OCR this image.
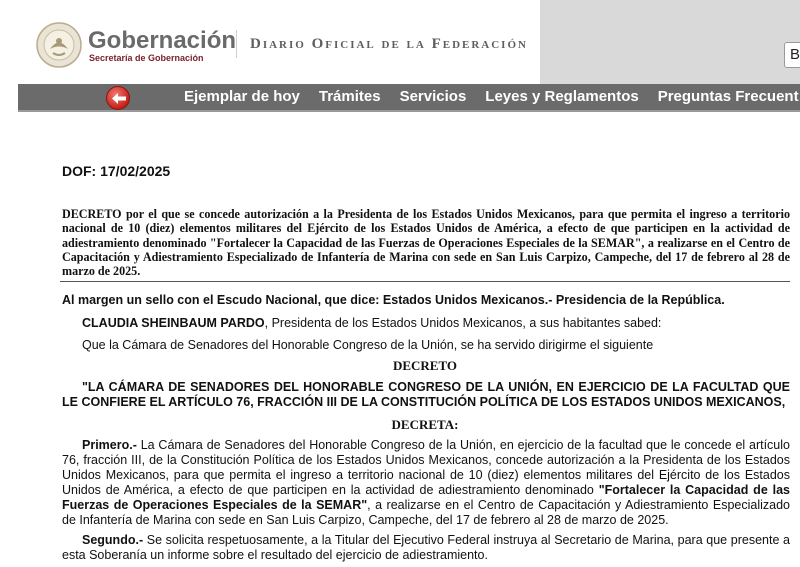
B
Gobernación
Secretaría de Gobernación
Diario Oficial de la Federación
Ejemplar de hoy Trámites Servicios Leyes y Reglamentos Preguntas Frecuent
DOF: 17/02/2025
DECRETO por el que se concede autorización a la Presidenta de los Estados Unidos Mexicanos, para que permita el ingreso a territorio nacional de 10 (diez) elementos militares del Ejército de los Estados Unidos de América, a efecto de que participen en la actividad de adiestramiento denominado "Fortalecer la Capacidad de las Fuerzas de Operaciones Especiales de la SEMAR", a realizarse en el Centro de Capacitación y Adiestramiento Especializado de Infantería de Marina con sede en San Luis Carpizo, Campeche, del 17 de febrero al 28 de marzo de 2025.
Al margen un sello con el Escudo Nacional, que dice: Estados Unidos Mexicanos.- Presidencia de la República.
CLAUDIA SHEINBAUM PARDO, Presidenta de los Estados Unidos Mexicanos, a sus habitantes sabed:
Que la Cámara de Senadores del Honorable Congreso de la Unión, se ha servido dirigirme el siguiente
DECRETO
"LA CÁMARA DE SENADORES DEL HONORABLE CONGRESO DE LA UNIÓN, EN EJERCICIO DE LA FACULTAD QUE LE CONFIERE EL ARTÍCULO 76, FRACCIÓN III DE LA CONSTITUCIÓN POLÍTICA DE LOS ESTADOS UNIDOS MEXICANOS,
DECRETA:
Primero.- La Cámara de Senadores del Honorable Congreso de la Unión, en ejercicio de la facultad que le concede el artículo 76, fracción III, de la Constitución Política de los Estados Unidos Mexicanos, concede autorización a la Presidenta de los Estados Unidos Mexicanos, para que permita el ingreso a territorio nacional de 10 (diez) elementos militares del Ejército de los Estados Unidos de América, a efecto de que participen en la actividad de adiestramiento denominado "Fortalecer la Capacidad de las Fuerzas de Operaciones Especiales de la SEMAR", a realizarse en el Centro de Capacitación y Adiestramiento Especializado de Infantería de Marina con sede en San Luis Carpizo, Campeche, del 17 de febrero al 28 de marzo de 2025.
Segundo.- Se solicita respetuosamente, a la Titular del Ejecutivo Federal instruya al Secretario de Marina, para que presente a esta Soberanía un informe sobre el resultado del ejercicio de adiestramiento.
